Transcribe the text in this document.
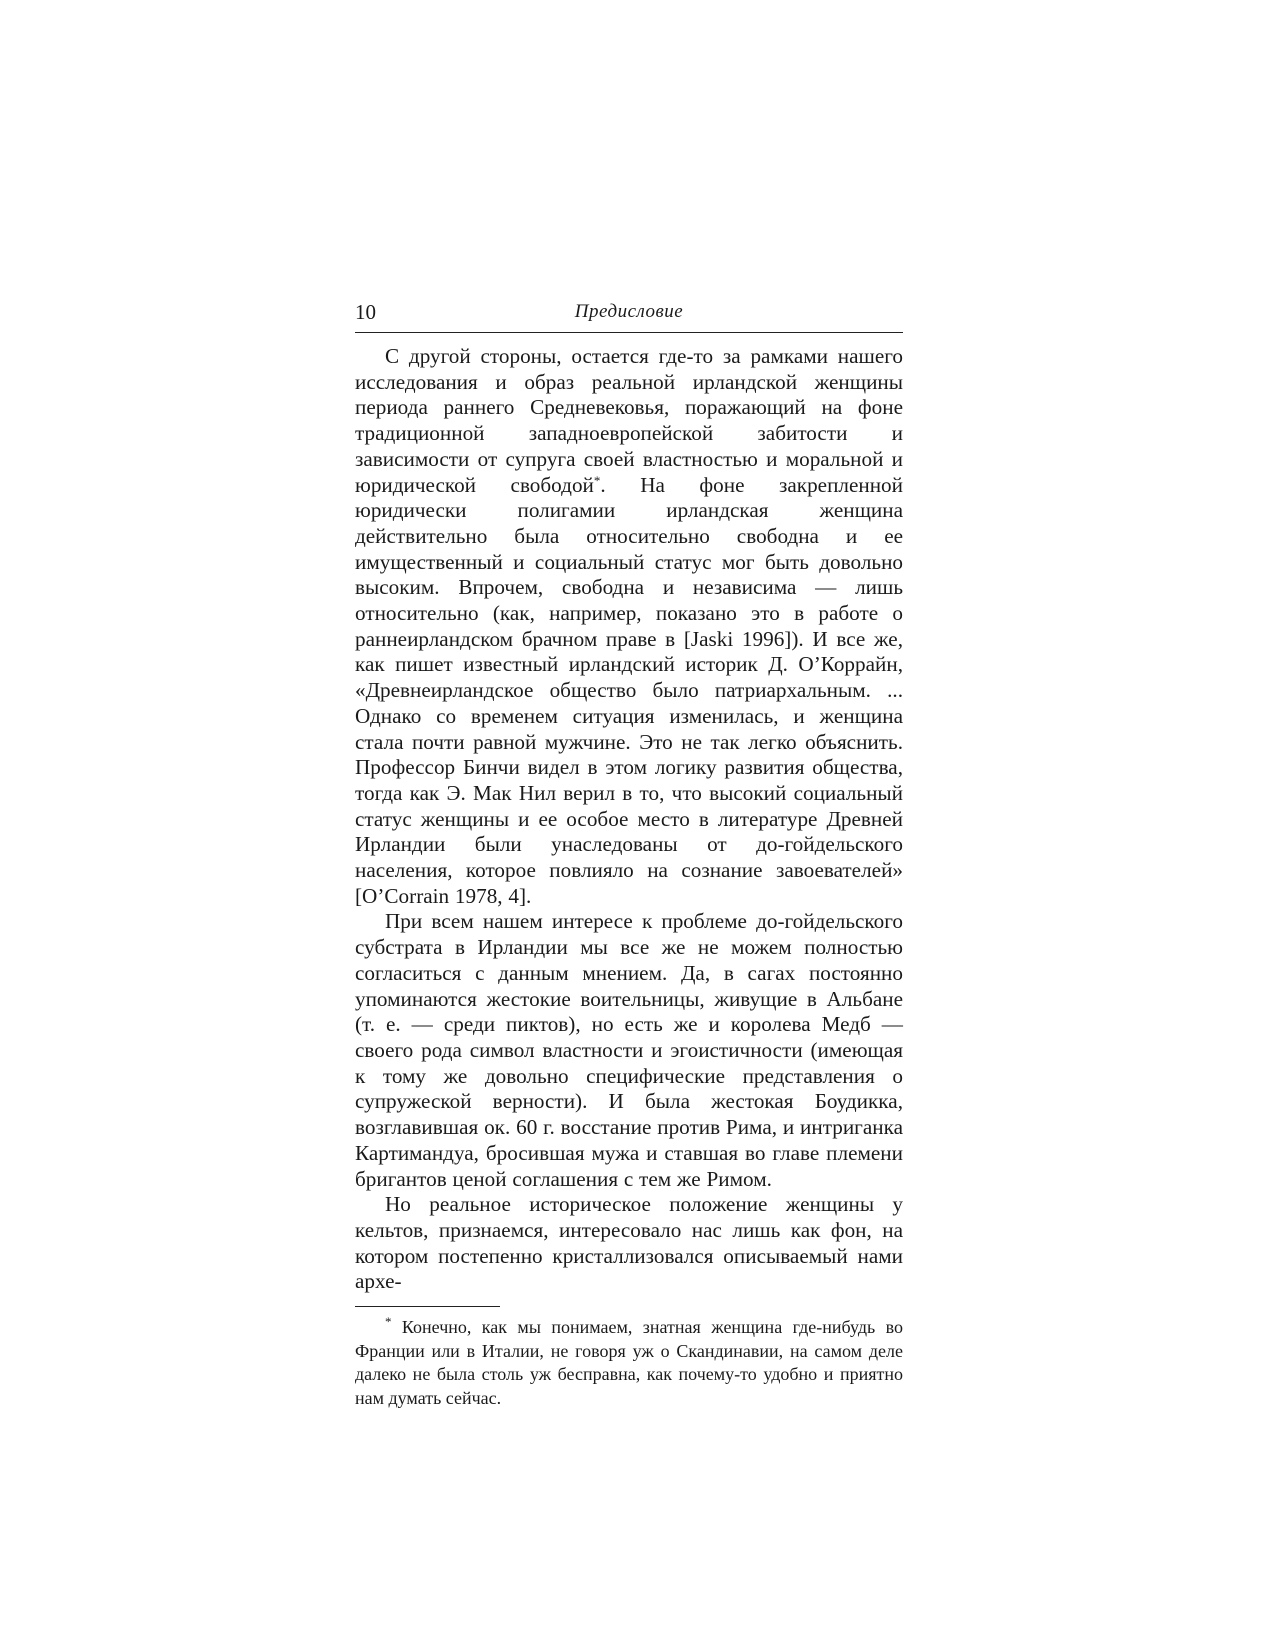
10	Предисловие

С другой стороны, остается где-то за рамками нашего исследования и образ реальной ирландской женщины периода раннего Средневековья, поражающий на фоне традиционной западноевропейской забитости и зависимости от супруга своей властностью и моральной и юридической свободой*. На фоне закрепленной юридически полигамии ирландская женщина действительно была относительно свободна и ее имущественный и социальный статус мог быть довольно высоким. Впрочем, свободна и независима — лишь относительно (как, например, показано это в работе о раннеирландском брачном праве в [Jaski 1996]). И все же, как пишет известный ирландский историк Д. О’Коррайн, «Древнеирландское общество было патриархальным. ... Однако со временем ситуация изменилась, и женщина стала почти равной мужчине. Это не так легко объяснить. Профессор Бинчи видел в этом логику развития общества, тогда как Э. Мак Нил верил в то, что высокий социальный статус женщины и ее особое место в литературе Древней Ирландии были унаследованы от до-гойдельского населения, которое повлияло на сознание завоевателей» [O’Corrain 1978, 4].

При всем нашем интересе к проблеме до-гойдельского субстрата в Ирландии мы все же не можем полностью согласиться с данным мнением. Да, в сагах постоянно упоминаются жестокие воительницы, живущие в Альбане (т. е. — среди пиктов), но есть же и королева Медб — своего рода символ властности и эгоистичности (имеющая к тому же довольно специфические представления о супружеской верности). И была жестокая Боудикка, возглавившая ок. 60 г. восстание против Рима, и интриганка Картимандуа, бросившая мужа и ставшая во главе племени бригантов ценой соглашения с тем же Римом.

Но реальное историческое положение женщины у кельтов, признаемся, интересовало нас лишь как фон, на котором постепенно кристаллизовался описываемый нами архе-

* Конечно, как мы понимаем, знатная женщина где-нибудь во Франции или в Италии, не говоря уж о Скандинавии, на самом деле далеко не была столь уж бесправна, как почему-то удобно и приятно нам думать сейчас.
